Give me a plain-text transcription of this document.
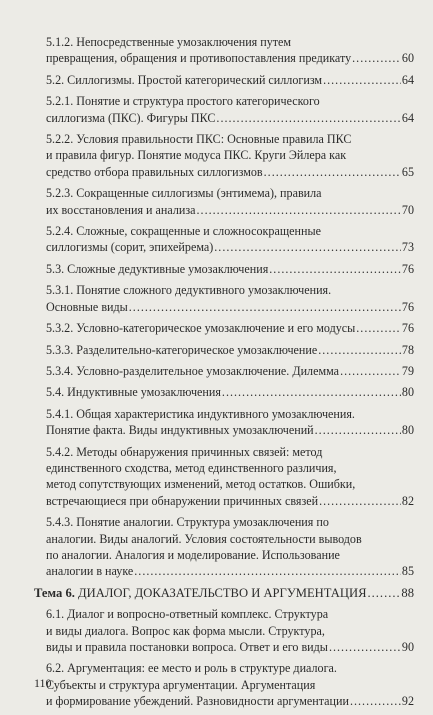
5.1.2. Непосредственные умозаключения путем
превращения, обращения и противопоставления предикату .....	60
5.2. Силлогизмы. Простой категорический силлогизм .....	64
5.2.1. Понятие и структура простого категорического
силлогизма (ПКС). Фигуры ПКС .....	64
5.2.2. Условия правильности ПКС: Основные правила ПКС
и правила фигур. Понятие модуса ПКС. Круги Эйлера как
средство отбора правильных силлогизмов .....	65
5.2.3. Сокращенные силлогизмы (энтимема), правила
их восстановления и анализа .....	70
5.2.4. Сложные, сокращенные и сложносокращенные
силлогизмы (сорит, эпихейрема) .....	73
5.3. Сложные дедуктивные умозаключения .....	76
5.3.1. Понятие сложного дедуктивного умозаключения.
Основные виды .....	76
5.3.2. Условно-категорическое умозаключение и его модусы .....	76
5.3.3. Разделительно-категорическое умозаключение .....	78
5.3.4. Условно-разделительное умозаключение. Дилемма .....	79
5.4. Индуктивные умозаключения .....	80
5.4.1. Общая характеристика индуктивного умозаключения.
Понятие факта. Виды индуктивных умозаключений .....	80
5.4.2. Методы обнаружения причинных связей: метод
единственного сходства, метод единственного различия,
метод сопутствующих изменений, метод остатков. Ошибки,
встречающиеся при обнаружении причинных связей .....	82
5.4.3. Понятие аналогии. Структура умозаключения по
аналогии. Виды аналогий. Условия состоятельности выводов
по аналогии. Аналогия и моделирование. Использование
аналогии в науке .....	85
Тема 6. ДИАЛОГ, ДОКАЗАТЕЛЬСТВО И АРГУМЕНТАЦИЯ .....	88
6.1. Диалог и вопросно-ответный комплекс. Структура
и виды диалога. Вопрос как форма мысли. Структура,
виды и правила постановки вопроса. Ответ и его виды .....	90
6.2. Аргументация: ее место и роль в структуре диалога.
Субъекты и структура аргументации. Аргументация
и формирование убеждений. Разновидности аргументации .....	92
110
